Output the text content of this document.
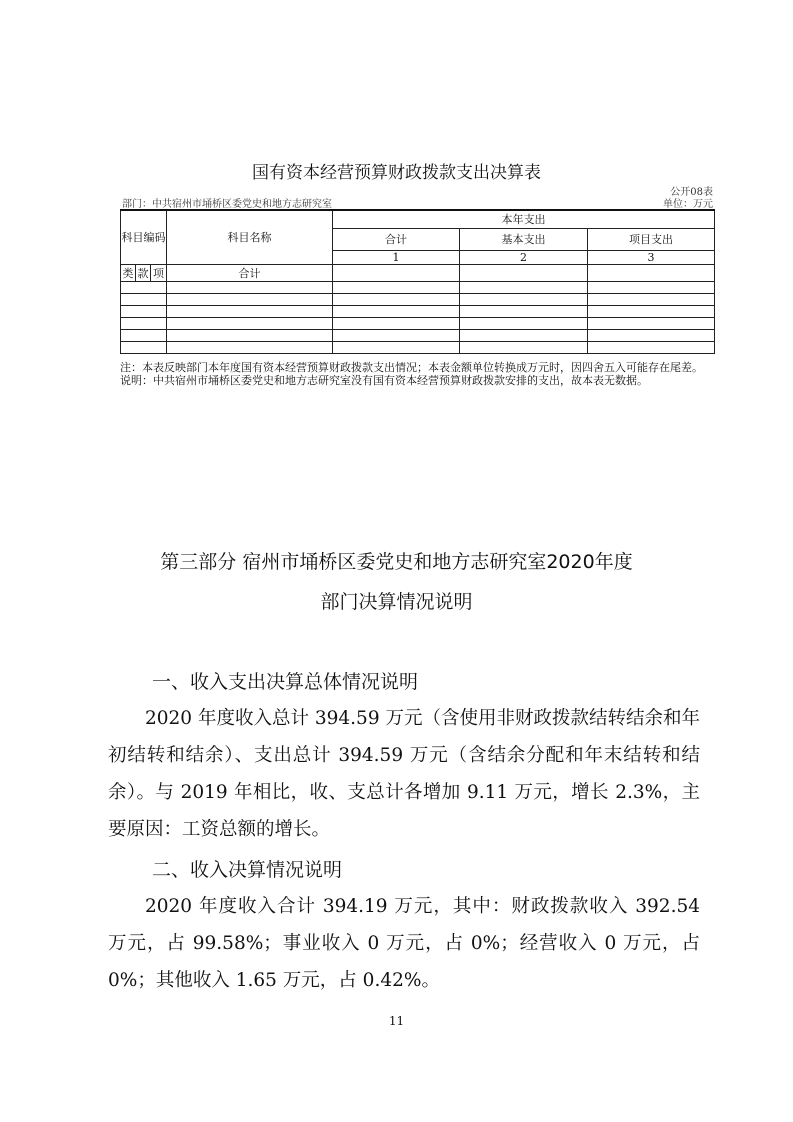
国有资本经营预算财政拨款支出决算表
公开08表
部门：中共宿州市埇桥区委党史和地方志研究室	单位：万元
科目编码			科目名称	本年支出		
				合计	基本支出	项目支出
				1	2	3
类	款	项	合计			

注：本表反映部门本年度国有资本经营预算财政拨款支出情况；本表金额单位转换成万元时，因四舍五入可能存在尾差。
说明：中共宿州市埇桥区委党史和地方志研究室没有国有资本经营预算财政拨款安排的支出，故本表无数据。
第三部分 宿州市埇桥区委党史和地方志研究室2020年度
部门决算情况说明
一、收入支出决算总体情况说明
2020 年度收入总计 394.59 万元（含使用非财政拨款结转结余和年初结转和结余）、支出总计 394.59 万元（含结余分配和年末结转和结余）。与 2019 年相比，收、支总计各增加 9.11 万元，增长 2.3%，主要原因：工资总额的增长。
二、收入决算情况说明
2020 年度收入合计 394.19 万元，其中：财政拨款收入 392.54 万元，占 99.58%；事业收入 0 万元，占 0%；经营收入 0 万元，占0%；其他收入 1.65 万元，占 0.42%。
11
